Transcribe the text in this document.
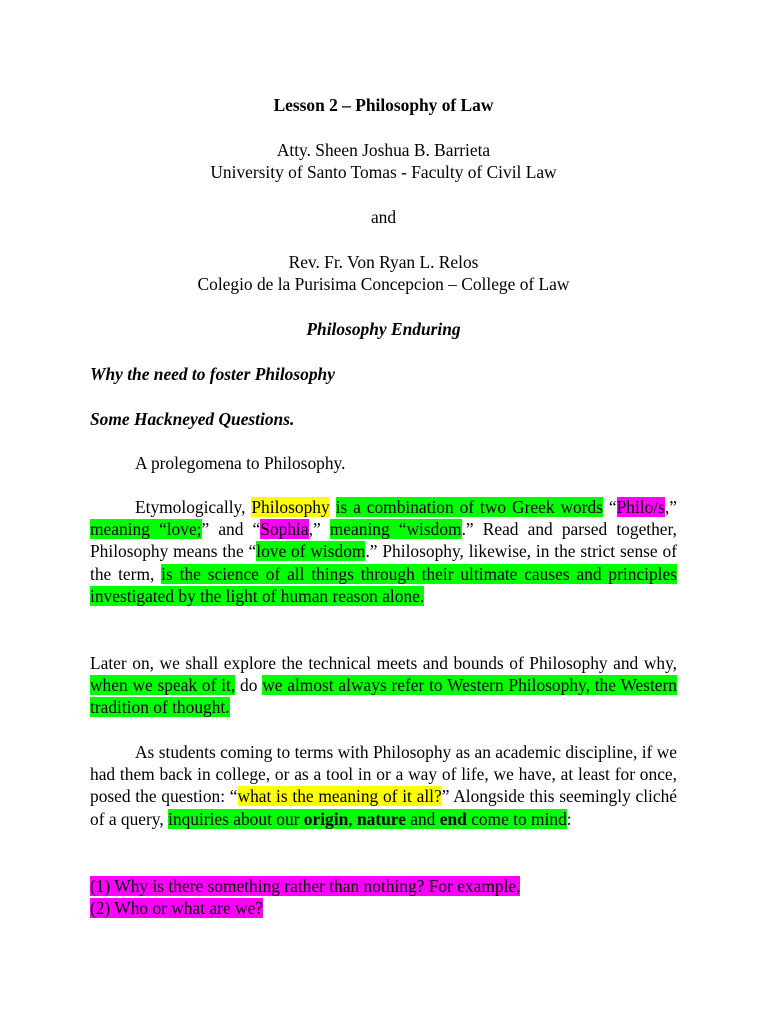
Lesson 2 – Philosophy of Law

Atty. Sheen Joshua B. Barrieta

University of Santo Tomas - Faculty of Civil Law

and

Rev. Fr. Von Ryan L. Relos

Colegio de la Purisima Concepcion – College of Law

Philosophy Enduring

Why the need to foster Philosophy

Some Hackneyed Questions.

A prolegomena to Philosophy.

Etymologically, Philosophy is a combination of two Greek words “Philo/s,” meaning “love;” and “Sophia,” meaning “wisdom.” Read and parsed together, Philosophy means the “love of wisdom.” Philosophy, likewise, in the strict sense of the term, is the science of all things through their ultimate causes and principles investigated by the light of human reason alone.

Later on, we shall explore the technical meets and bounds of Philosophy and why, when we speak of it, do we almost always refer to Western Philosophy, the Western tradition of thought.

As students coming to terms with Philosophy as an academic discipline, if we had them back in college, or as a tool in or a way of life, we have, at least for once, posed the question: “what is the meaning of it all?” Alongside this seemingly cliché of a query, inquiries about our origin, nature and end come to mind:

(1) Why is there something rather than nothing? For example,
(2) Who or what are we?
